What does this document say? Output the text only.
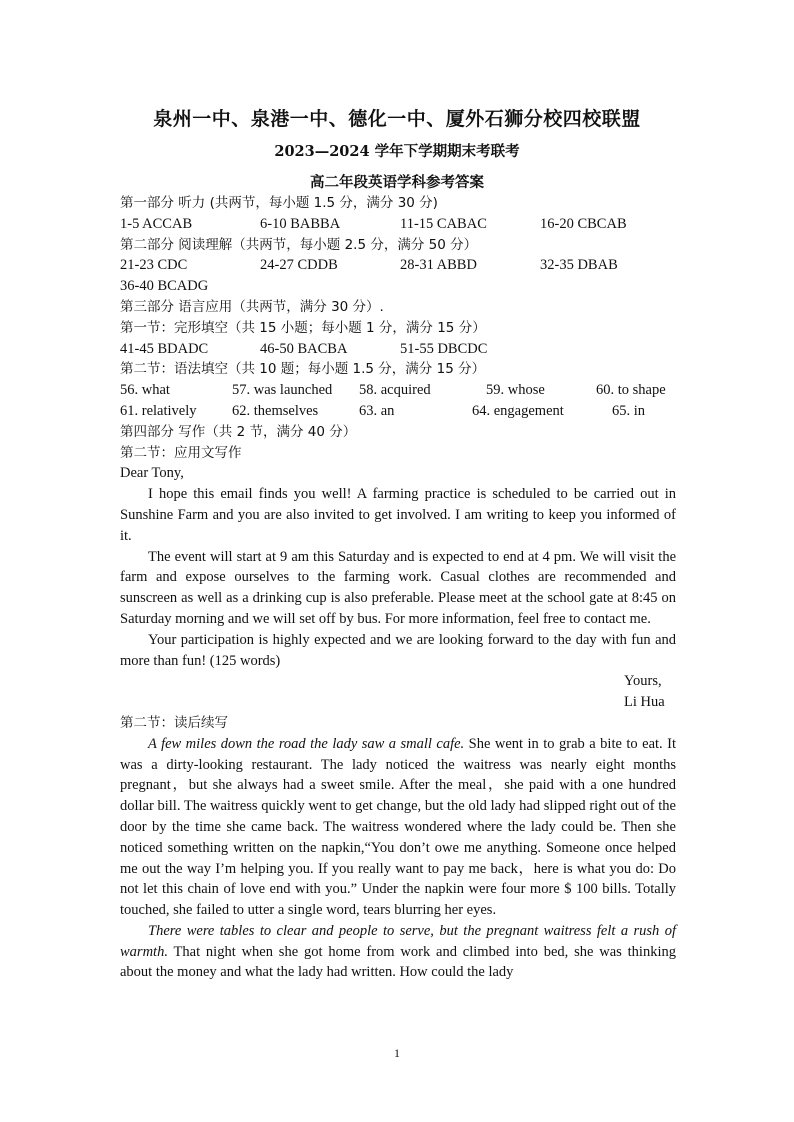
泉州一中、泉港一中、德化一中、厦外石狮分校四校联盟
2023—2024 学年下学期期末考联考
高二年段英语学科参考答案
第一部分 听力 (共两节，每小题 1.5 分，满分 30 分)
1-5 ACCAB	6-10 BABBA	11-15 CABAC	16-20 CBCAB
第二部分 阅读理解（共两节，每小题 2.5 分，满分 50 分）
21-23 CDC	24-27 CDDB	28-31 ABBD	32-35 DBAB
36-40 BCADG
第三部分 语言应用（共两节，满分 30 分）.
第一节：完形填空（共 15 小题；每小题 1 分，满分 15 分）
41-45 BDADC	46-50 BACBA	51-55 DBCDC
第二节：语法填空（共 10 题；每小题 1.5 分，满分 15 分）
56. what	57. was launched	58. acquired	59. whose	60. to shape
61. relatively	62. themselves	63. an	64. engagement	65. in
第四部分 写作（共 2 节，满分 40 分）
第二节：应用文写作
Dear Tony,

I hope this email finds you well! A farming practice is scheduled to be carried out in Sunshine Farm and you are also invited to get involved. I am writing to keep you informed of it.

The event will start at 9 am this Saturday and is expected to end at 4 pm. We will visit the farm and expose ourselves to the farming work. Casual clothes are recommended and sunscreen as well as a drinking cup is also preferable. Please meet at the school gate at 8:45 on Saturday morning and we will set off by bus. For more information, feel free to contact me.

Your participation is highly expected and we are looking forward to the day with fun and more than fun! (125 words)

Yours,
Li Hua
第二节：读后续写

A few miles down the road the lady saw a small cafe. She went in to grab a bite to eat. It was a dirty-looking restaurant. The lady noticed the waitress was nearly eight months pregnant，but she always had a sweet smile. After the meal，she paid with a one hundred dollar bill. The waitress quickly went to get change, but the old lady had slipped right out of the door by the time she came back. The waitress wondered where the lady could be. Then she noticed something written on the napkin,“You don’t owe me anything. Someone once helped me out the way I’m helping you. If you really want to pay me back，here is what you do: Do not let this chain of love end with you.” Under the napkin were four more $ 100 bills. Totally touched, she failed to utter a single word, tears blurring her eyes.

There were tables to clear and people to serve, but the pregnant waitress felt a rush of warmth. That night when she got home from work and climbed into bed, she was thinking about the money and what the lady had written. How could the lady

1
